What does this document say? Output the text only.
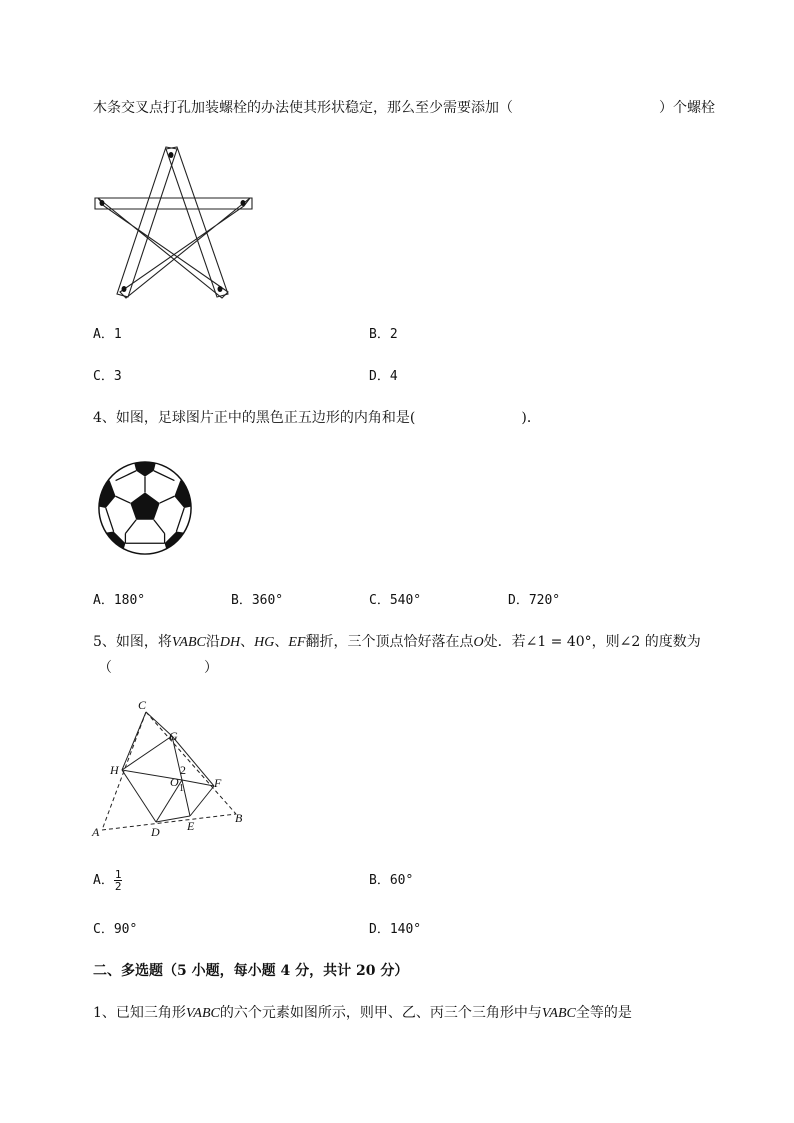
木条交叉点打孔加装螺栓的办法使其形状稳定，那么至少需要添加（	）个螺栓
A．1	B．2
C．3	D．4
4、如图，足球图片正中的黑色正五边形的内角和是(	)．
A．180°	B．360°	C．540°	D．720°
5、如图，将VABC沿DH、HG、EF翻折，三个顶点恰好落在点O处．若∠1 = 40°，则∠2 的度数为
（	）
C
G
H
O
2
1	F
A	D E
B
A． $\frac{1}{2}$	B．60°
C．90°	D．140°
二、多选题（5 小题，每小题 4 分，共计 20 分）
1、已知三角形VABC的六个元素如图所示，则甲、乙、丙三个三角形中与VABC全等的是
